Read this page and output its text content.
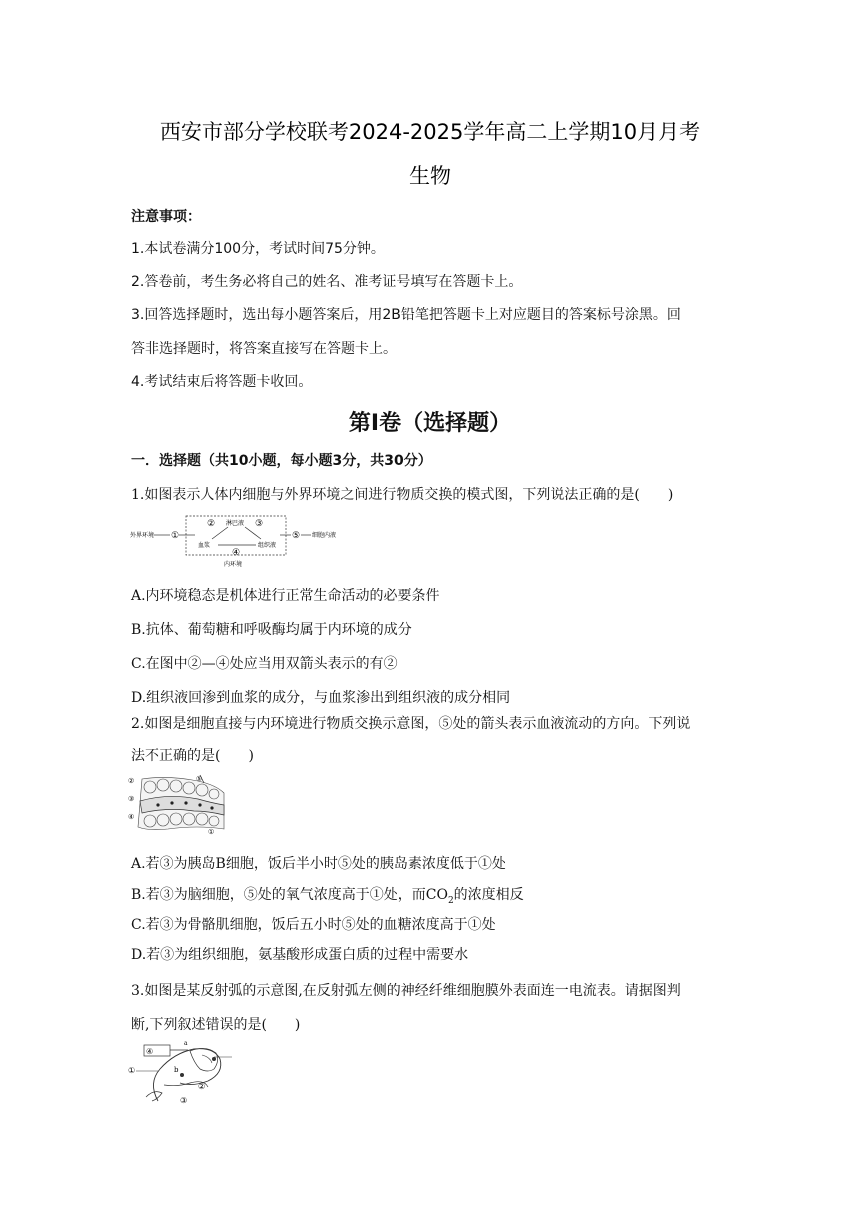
西安市部分学校联考2024-2025学年高二上学期10月月考
生物
注意事项：
1.本试卷满分100分，考试时间75分钟。
2.答卷前，考生务必将自己的姓名、准考证号填写在答题卡上。
3.回答选择题时，选出每小题答案后，用2B铅笔把答题卡上对应题目的答案标号涂黑。回
答非选择题时，将答案直接写在答题卡上。
4.考试结束后将答题卡收回。
第I卷（选择题）
一．选择题（共10小题，每小题3分，共30分）
1.如图表示人体内细胞与外界环境之间进行物质交换的模式图，下列说法正确的是(　　)
外界环境 ①
② 淋巴液 ③
血浆
④
组织液
⑤ 细胞内液
内环境
A.内环境稳态是机体进行正常生命活动的必要条件
B.抗体、葡萄糖和呼吸酶均属于内环境的成分
C.在图中②—④处应当用双箭头表示的有②
D.组织液回渗到血浆的成分，与血浆渗出到组织液的成分相同
2.如图是细胞直接与内环境进行物质交换示意图，⑤处的箭头表示血液流动的方向。下列说
法不正确的是(　　)
②
③
④
⑤
①
A.若③为胰岛B细胞，饭后半小时⑤处的胰岛素浓度低于①处
B.若③为脑细胞，⑤处的氧气浓度高于①处，而$CO_2$的浓度相反
C.若③为骨骼肌细胞，饭后五小时⑤处的血糖浓度高于①处
D.若③为组织细胞，氨基酸形成蛋白质的过程中需要水
3.如图是某反射弧的示意图,在反射弧左侧的神经纤维细胞膜外表面连一电流表。请据图判
断,下列叙述错误的是(　　)
④
a
b
①
②
③
